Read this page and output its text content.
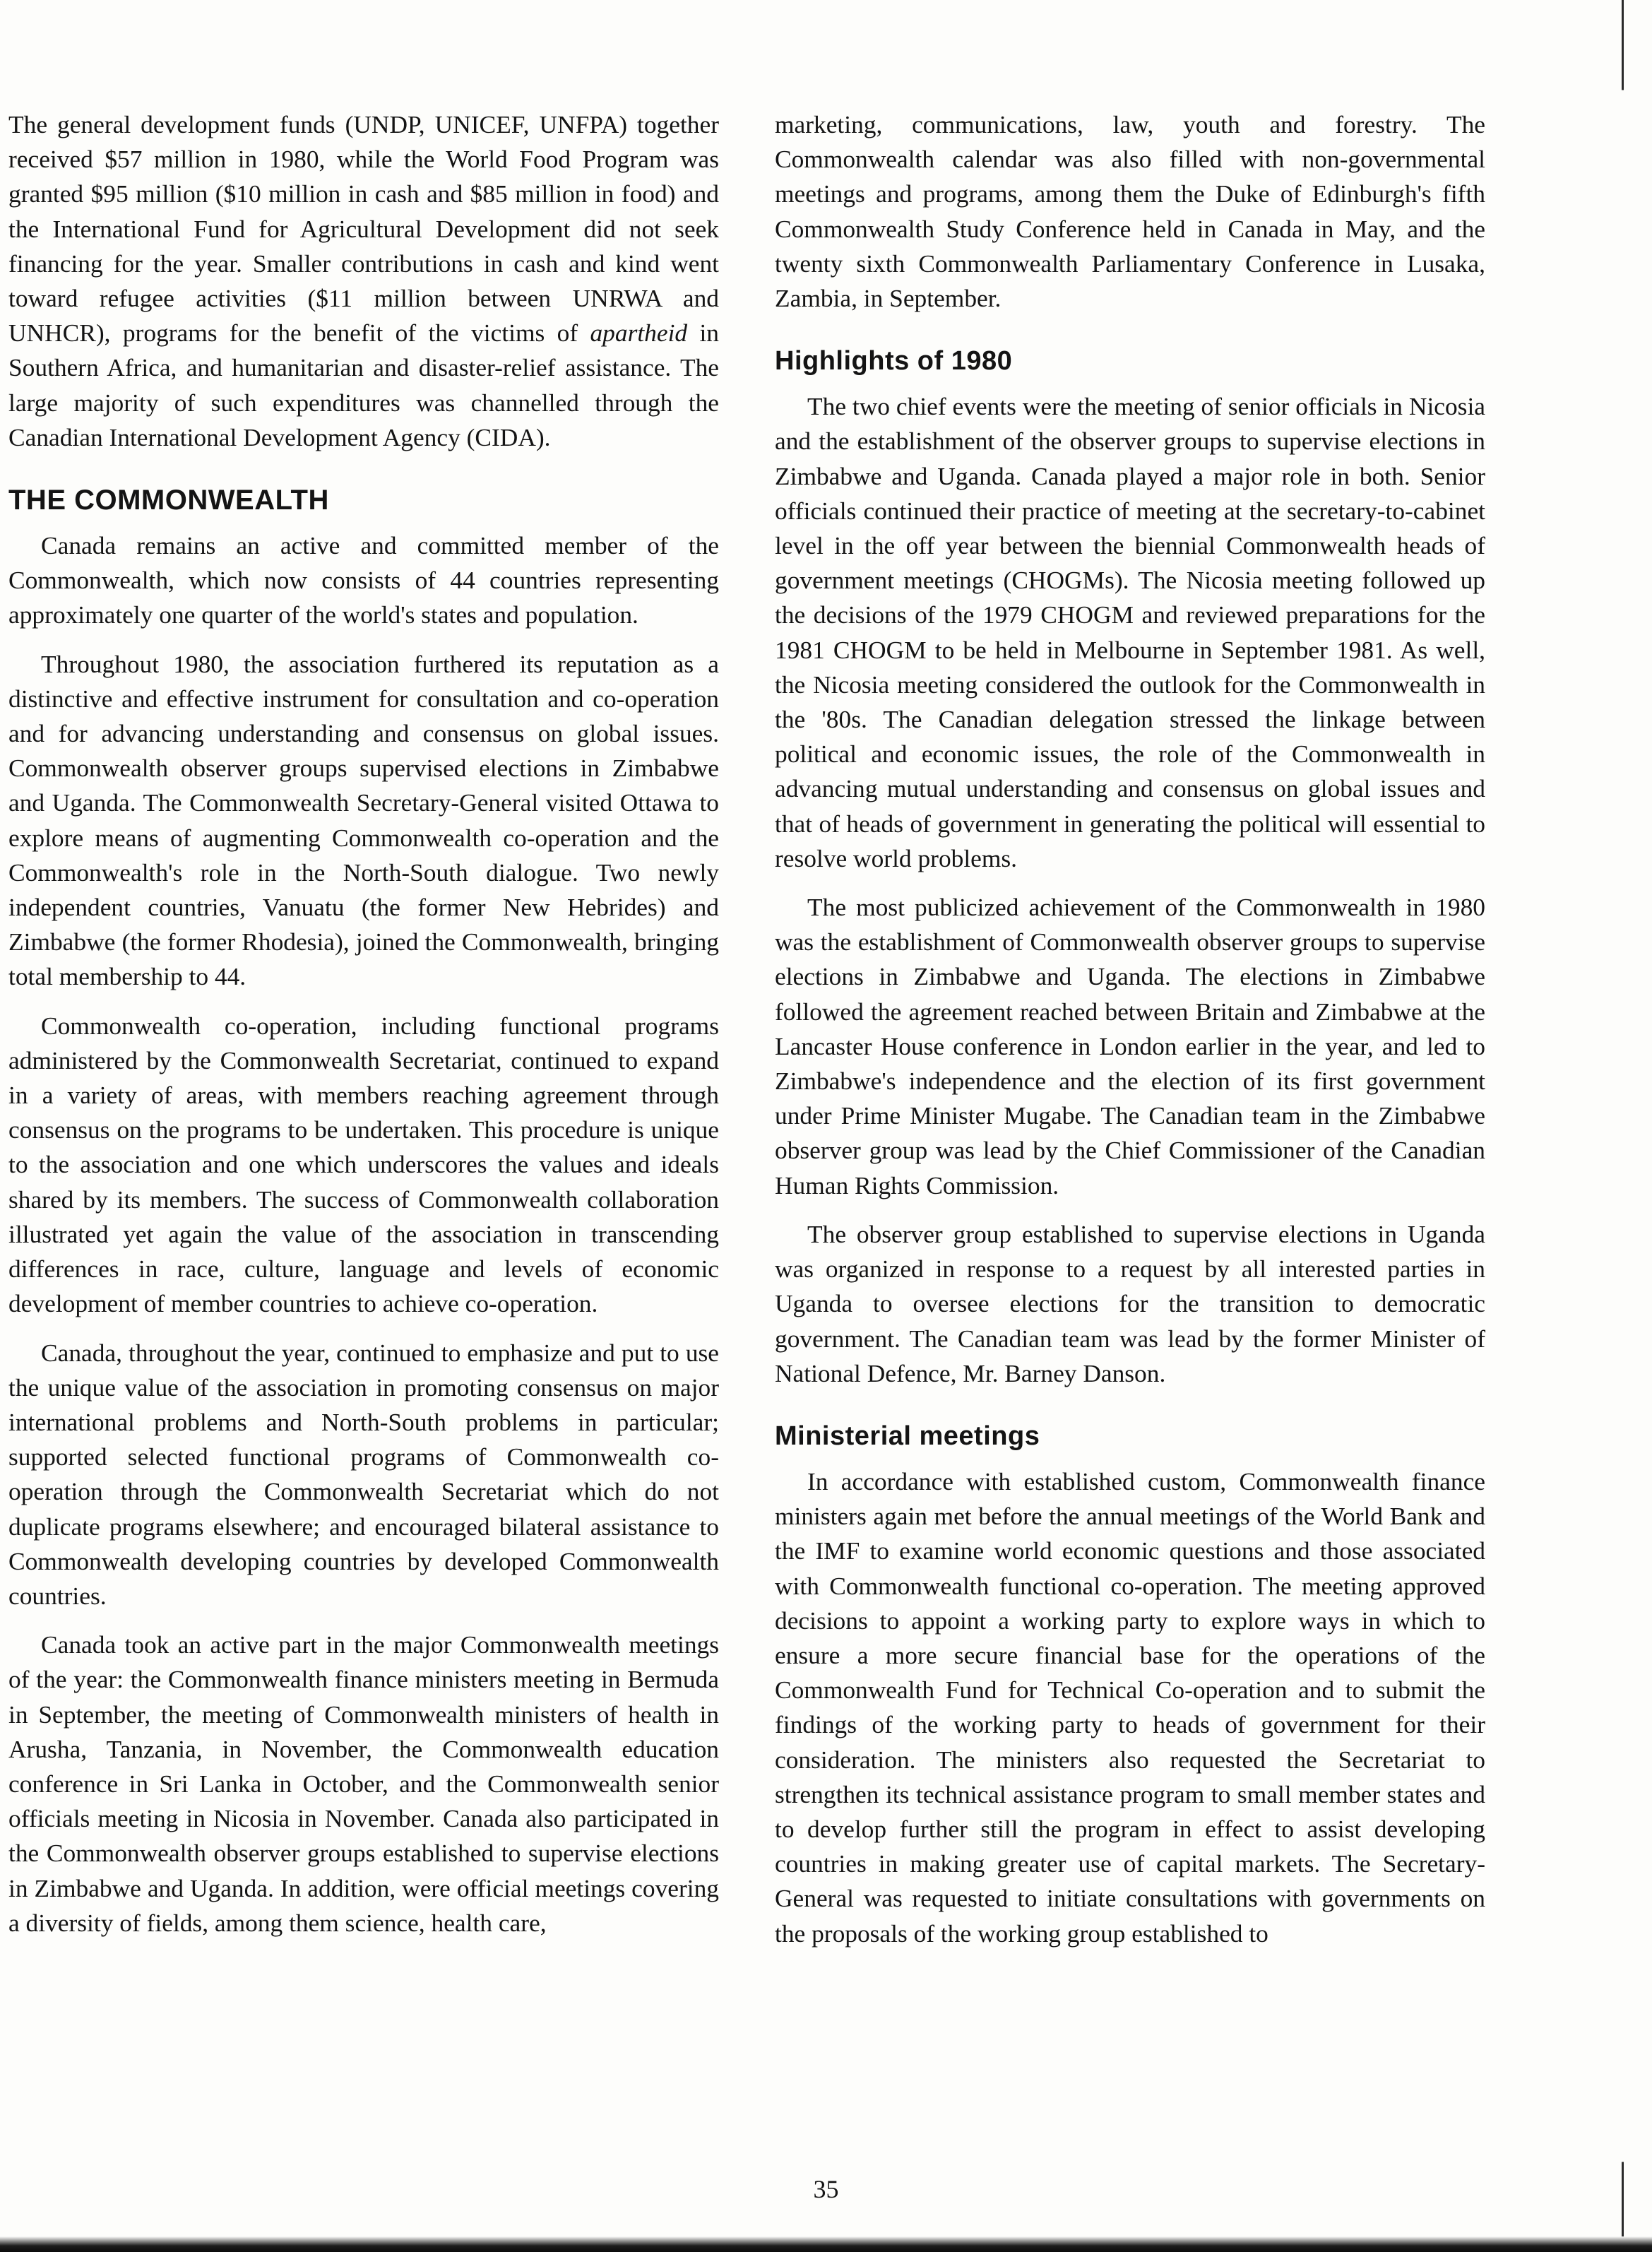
The general development funds (UNDP, UNICEF, UNFPA) together received $57 million in 1980, while the World Food Program was granted $95 million ($10 million in cash and $85 million in food) and the International Fund for Agricultural Development did not seek financing for the year. Smaller contributions in cash and kind went toward refugee activities ($11 million between UNRWA and UNHCR), programs for the benefit of the victims of apartheid in Southern Africa, and humanitarian and disaster-relief assistance. The large majority of such expenditures was channelled through the Canadian International Development Agency (CIDA).

THE COMMONWEALTH

Canada remains an active and committed member of the Commonwealth, which now consists of 44 countries representing approximately one quarter of the world's states and population.

Throughout 1980, the association furthered its reputation as a distinctive and effective instrument for consultation and co-operation and for advancing understanding and consensus on global issues. Commonwealth observer groups supervised elections in Zimbabwe and Uganda. The Commonwealth Secretary-General visited Ottawa to explore means of augmenting Commonwealth co-operation and the Commonwealth's role in the North-South dialogue. Two newly independent countries, Vanuatu (the former New Hebrides) and Zimbabwe (the former Rhodesia), joined the Commonwealth, bringing total membership to 44.

Commonwealth co-operation, including functional programs administered by the Commonwealth Secretariat, continued to expand in a variety of areas, with members reaching agreement through consensus on the programs to be undertaken. This procedure is unique to the association and one which underscores the values and ideals shared by its members. The success of Commonwealth collaboration illustrated yet again the value of the association in transcending differences in race, culture, language and levels of economic development of member countries to achieve co-operation.

Canada, throughout the year, continued to emphasize and put to use the unique value of the association in promoting consensus on major international problems and North-South problems in particular; supported selected functional programs of Commonwealth co-operation through the Commonwealth Secretariat which do not duplicate programs elsewhere; and encouraged bilateral assistance to Commonwealth developing countries by developed Commonwealth countries.

Canada took an active part in the major Commonwealth meetings of the year: the Commonwealth finance ministers meeting in Bermuda in September, the meeting of Commonwealth ministers of health in Arusha, Tanzania, in November, the Commonwealth education conference in Sri Lanka in October, and the Commonwealth senior officials meeting in Nicosia in November. Canada also participated in the Commonwealth observer groups established to supervise elections in Zimbabwe and Uganda. In addition, were official meetings covering a diversity of fields, among them science, health care,

marketing, communications, law, youth and forestry. The Commonwealth calendar was also filled with non-governmental meetings and programs, among them the Duke of Edinburgh's fifth Commonwealth Study Conference held in Canada in May, and the twenty sixth Commonwealth Parliamentary Conference in Lusaka, Zambia, in September.

Highlights of 1980

The two chief events were the meeting of senior officials in Nicosia and the establishment of the observer groups to supervise elections in Zimbabwe and Uganda. Canada played a major role in both. Senior officials continued their practice of meeting at the secretary-to-cabinet level in the off year between the biennial Commonwealth heads of government meetings (CHOGMs). The Nicosia meeting followed up the decisions of the 1979 CHOGM and reviewed preparations for the 1981 CHOGM to be held in Melbourne in September 1981. As well, the Nicosia meeting considered the outlook for the Commonwealth in the '80s. The Canadian delegation stressed the linkage between political and economic issues, the role of the Commonwealth in advancing mutual understanding and consensus on global issues and that of heads of government in generating the political will essential to resolve world problems.

The most publicized achievement of the Commonwealth in 1980 was the establishment of Commonwealth observer groups to supervise elections in Zimbabwe and Uganda. The elections in Zimbabwe followed the agreement reached between Britain and Zimbabwe at the Lancaster House conference in London earlier in the year, and led to Zimbabwe's independence and the election of its first government under Prime Minister Mugabe. The Canadian team in the Zimbabwe observer group was lead by the Chief Commissioner of the Canadian Human Rights Commission.

The observer group established to supervise elections in Uganda was organized in response to a request by all interested parties in Uganda to oversee elections for the transition to democratic government. The Canadian team was lead by the former Minister of National Defence, Mr. Barney Danson.

Ministerial meetings

In accordance with established custom, Commonwealth finance ministers again met before the annual meetings of the World Bank and the IMF to examine world economic questions and those associated with Commonwealth functional co-operation. The meeting approved decisions to appoint a working party to explore ways in which to ensure a more secure financial base for the operations of the Commonwealth Fund for Technical Co-operation and to submit the findings of the working party to heads of government for their consideration. The ministers also requested the Secretariat to strengthen its technical assistance program to small member states and to develop further still the program in effect to assist developing countries in making greater use of capital markets. The Secretary-General was requested to initiate consultations with governments on the proposals of the working group established to

35
